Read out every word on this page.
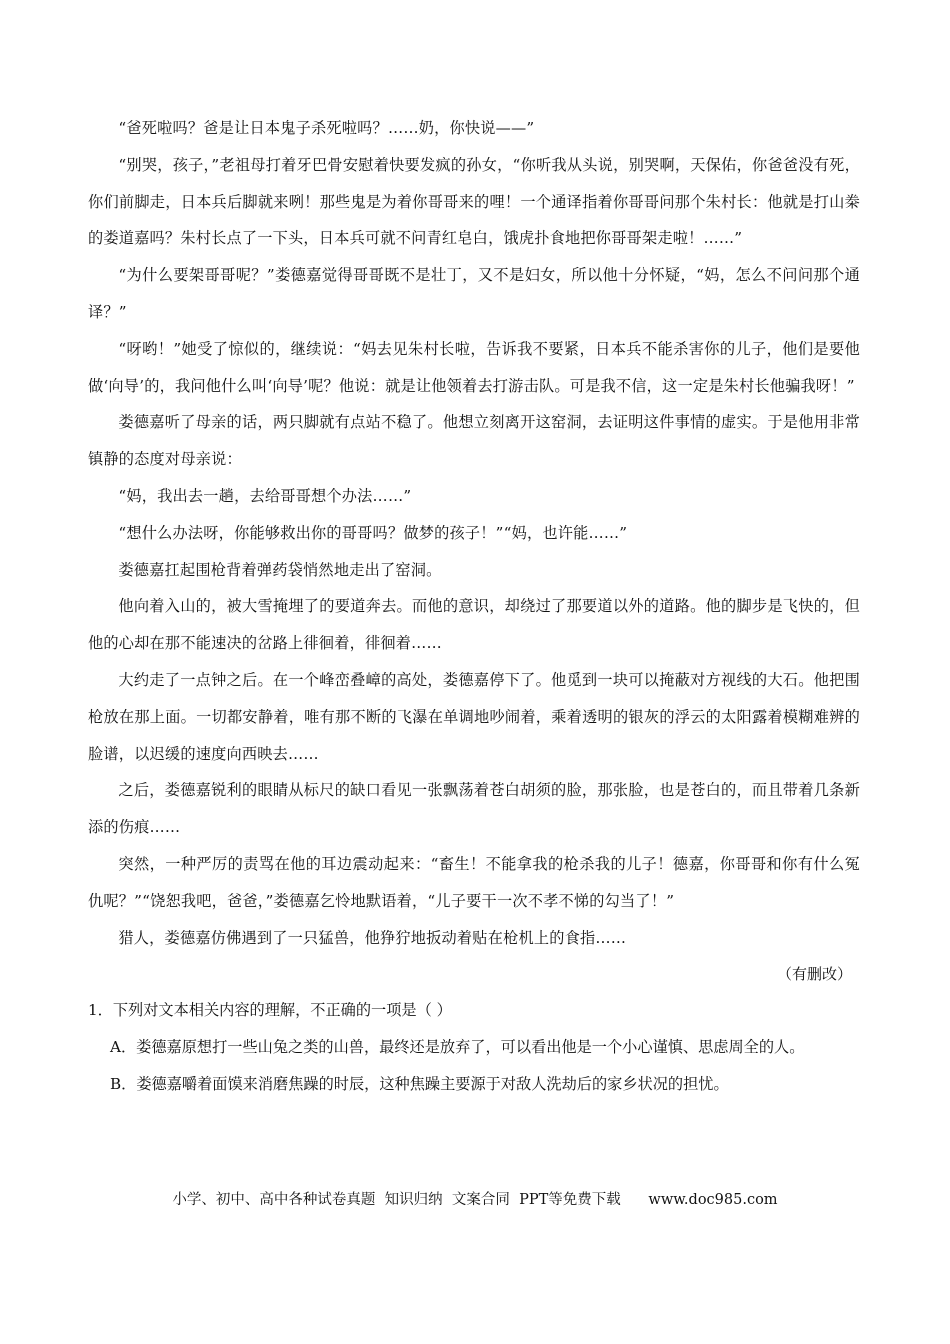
“爸死啦吗？爸是让日本鬼子杀死啦吗？……奶，你快说——”

“别哭，孩子，”老祖母打着牙巴骨安慰着快要发疯的孙女，“你听我从头说，别哭啊，天保佑，你爸爸没有死，你们前脚走，日本兵后脚就来咧！那些鬼是为着你哥哥来的哩！一个通译指着你哥哥问那个朱村长：他就是打山桊的娄道嘉吗？朱村长点了一下头，日本兵可就不问青红皂白，饿虎扑食地把你哥哥架走啦！……”

“为什么要架哥哥呢？”娄德嘉觉得哥哥既不是壮丁，又不是妇女，所以他十分怀疑，“妈，怎么不问问那个通译？”

“呀哟！”她受了惊似的，继续说：“妈去见朱村长啦，告诉我不要紧，日本兵不能杀害你的儿子，他们是要他做‘向导’的，我问他什么叫‘向导’呢？他说：就是让他领着去打游击队。可是我不信，这一定是朱村长他骗我呀！”

娄德嘉听了母亲的话，两只脚就有点站不稳了。他想立刻离开这窑洞，去证明这件事情的虚实。于是他用非常镇静的态度对母亲说：

“妈，我出去一趟，去给哥哥想个办法……”

“想什么办法呀，你能够救出你的哥哥吗？做梦的孩子！”“妈，也许能……”

娄德嘉扛起围枪背着弹药袋悄然地走出了窑洞。

他向着入山的，被大雪掩埋了的要道奔去。而他的意识，却绕过了那要道以外的道路。他的脚步是飞快的，但他的心却在那不能速决的岔路上徘徊着，徘徊着……

大约走了一点钟之后。在一个峰峦叠嶂的高处，娄德嘉停下了。他觅到一块可以掩蔽对方视线的大石。他把围枪放在那上面。一切都安静着，唯有那不断的飞瀑在单调地吵闹着，乘着透明的银灰的浮云的太阳露着模糊难辨的脸谱，以迟缓的速度向西映去……

之后，娄德嘉锐利的眼睛从标尺的缺口看见一张飘荡着苍白胡须的脸，那张脸，也是苍白的，而且带着几条新添的伤痕……

突然，一种严厉的责骂在他的耳边震动起来：“畜生！不能拿我的枪杀我的儿子！德嘉，你哥哥和你有什么冤仇呢？”“饶恕我吧，爸爸，”娄德嘉乞怜地默语着，“儿子要干一次不孝不悌的勾当了！”

猎人，娄德嘉仿佛遇到了一只猛兽，他狰狞地扳动着贴在枪机上的食指……

（有删改）

1．下列对文本相关内容的理解，不正确的一项是（ ）

A．娄德嘉原想打一些山兔之类的山兽，最终还是放弃了，可以看出他是一个小心谨慎、思虑周全的人。

B．娄德嘉嚼着面馍来消磨焦躁的时辰，这种焦躁主要源于对敌人洗劫后的家乡状况的担忧。

小学、初中、高中各种试卷真题  知识归纳  文案合同  PPT等免费下载      www.doc985.com
